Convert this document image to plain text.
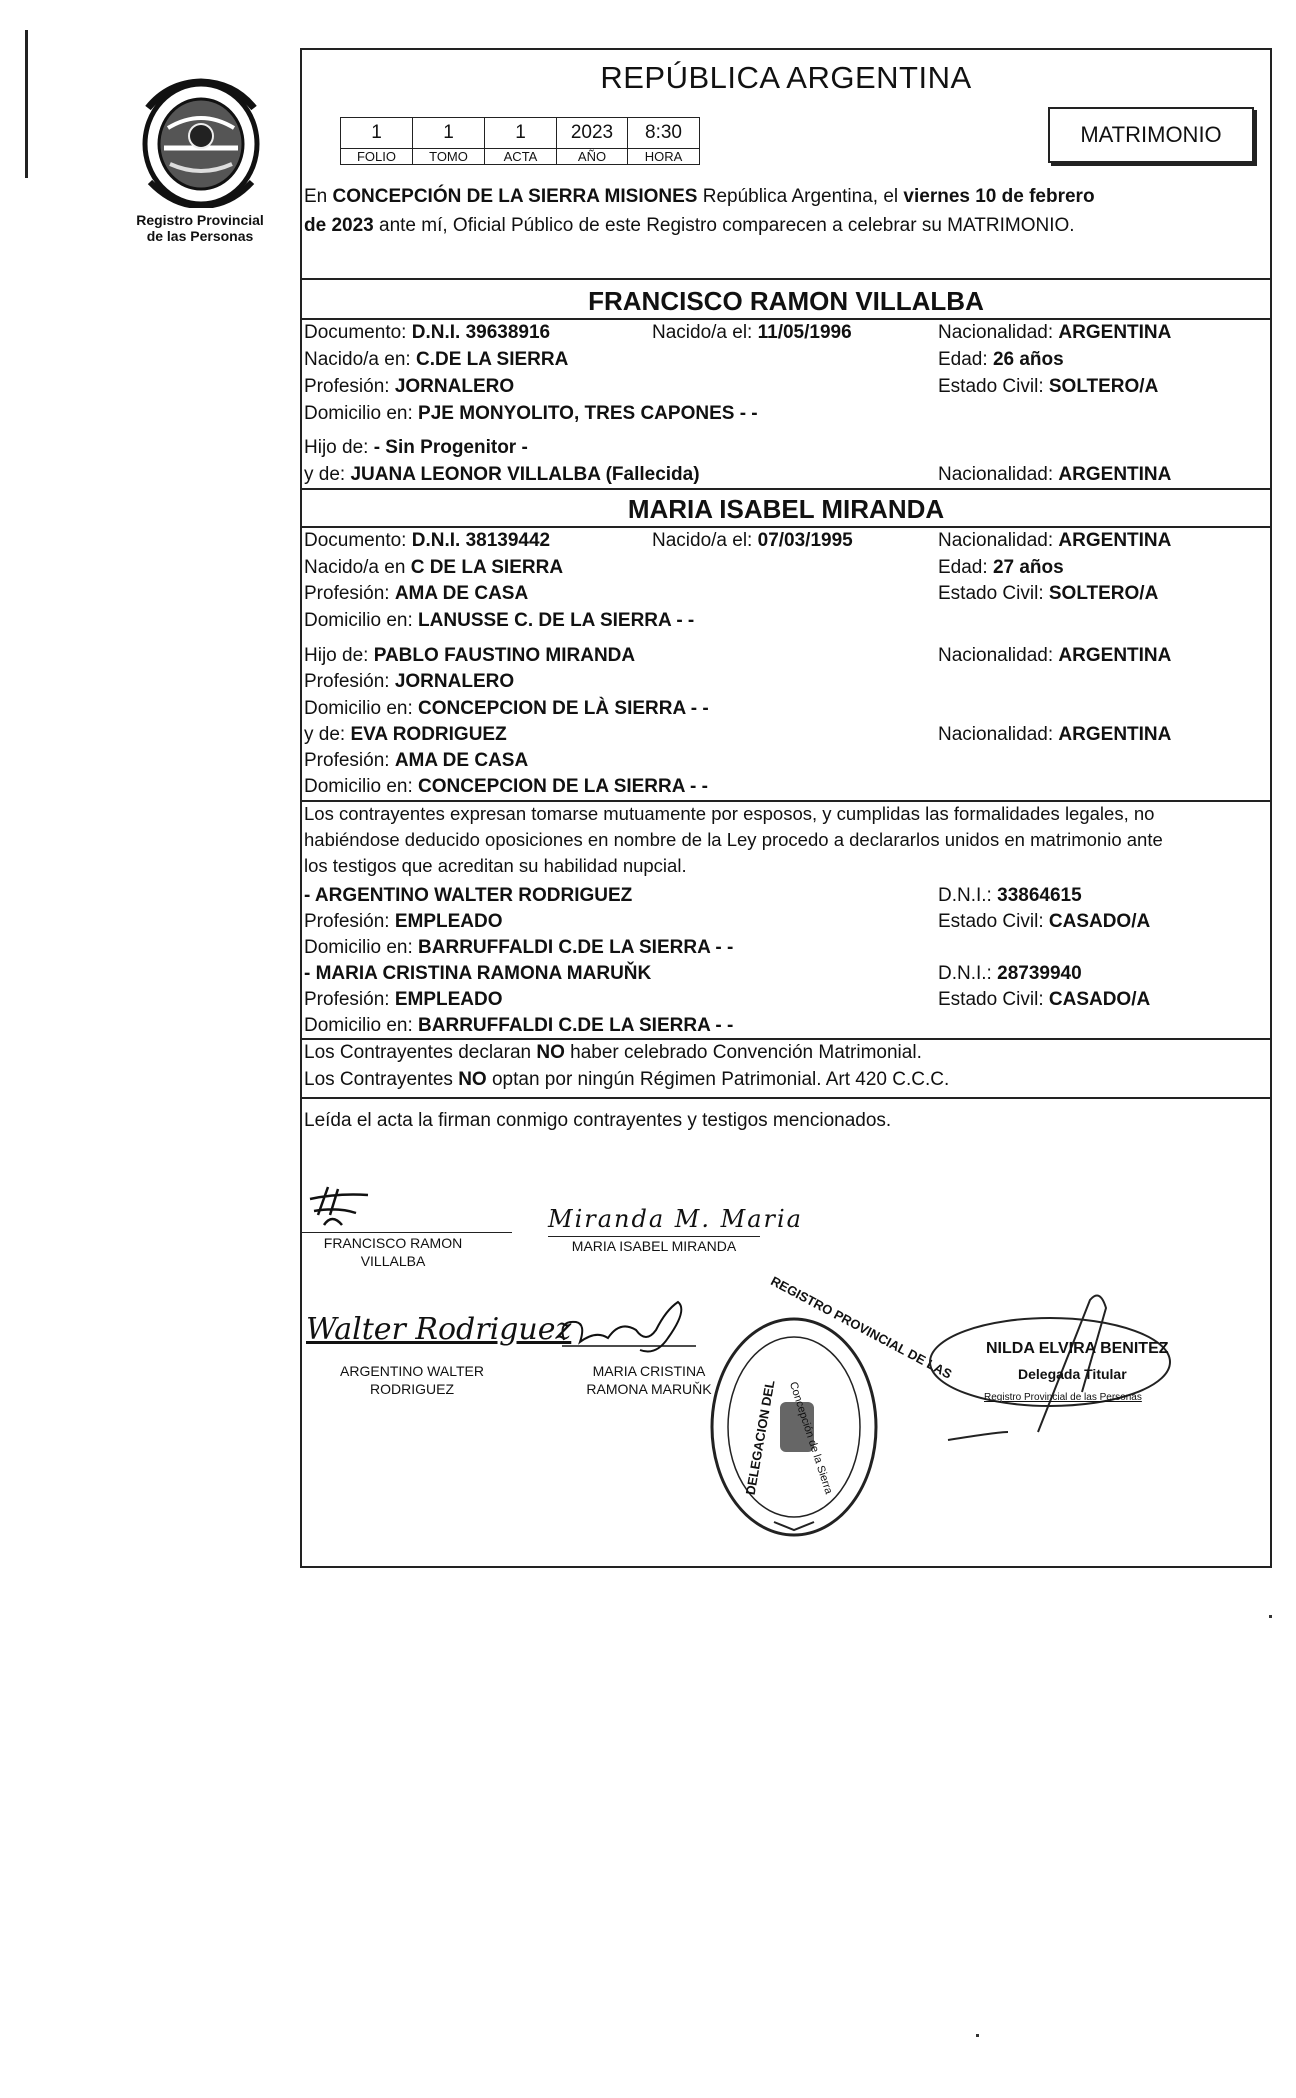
Registro Provincial
de las Personas
REPÚBLICA ARGENTINA
1	1	1	2023	8:30
FOLIO	TOMO	ACTA	AÑO	HORA
MATRIMONIO
En CONCEPCIÓN DE LA SIERRA MISIONES República Argentina, el viernes 10 de febrero
de 2023 ante mí, Oficial Público de este Registro comparecen a celebrar su MATRIMONIO.
FRANCISCO RAMON VILLALBA
Documento: D.N.I. 39638916	Nacido/a el: 11/05/1996	Nacionalidad: ARGENTINA
Nacido/a en: C.DE LA SIERRA	Edad: 26 años
Profesión: JORNALERO	Estado Civil: SOLTERO/A
Domicilio en: PJE MONYOLITO, TRES CAPONES - -
Hijo de: - Sin Progenitor -
y de: JUANA LEONOR VILLALBA (Fallecida)	Nacionalidad: ARGENTINA
MARIA ISABEL MIRANDA
Documento: D.N.I. 38139442	Nacido/a el: 07/03/1995	Nacionalidad: ARGENTINA
Nacido/a en C DE LA SIERRA	Edad: 27 años
Profesión: AMA DE CASA	Estado Civil: SOLTERO/A
Domicilio en: LANUSSE C. DE LA SIERRA - -
Hijo de: PABLO FAUSTINO MIRANDA	Nacionalidad: ARGENTINA
Profesión: JORNALERO
Domicilio en: CONCEPCION DE LÀ SIERRA - -
y de: EVA RODRIGUEZ	Nacionalidad: ARGENTINA
Profesión: AMA DE CASA
Domicilio en: CONCEPCION DE LA SIERRA - -
Los contrayentes expresan tomarse mutuamente por esposos, y cumplidas las formalidades legales, no
habiéndose deducido oposiciones en nombre de la Ley procedo a declararlos unidos en matrimonio ante
los testigos que acreditan su habilidad nupcial.
- ARGENTINO WALTER RODRIGUEZ	D.N.I.: 33864615
Profesión: EMPLEADO	Estado Civil: CASADO/A
Domicilio en: BARRUFFALDI C.DE LA SIERRA - -
- MARIA CRISTINA RAMONA MARUŇK	D.N.I.: 28739940
Profesión: EMPLEADO	Estado Civil: CASADO/A
Domicilio en: BARRUFFALDI C.DE LA SIERRA - -
Los Contrayentes declaran NO haber celebrado Convención Matrimonial.
Los Contrayentes NO optan por ningún Régimen Patrimonial. Art 420 C.C.C.
Leída el acta la firman conmigo contrayentes y testigos mencionados.
FRANCISCO RAMON
VILLALBA
Miranda M. Maria
MARIA ISABEL MIRANDA
Walter Rodriguez
ARGENTINO WALTER
RODRIGUEZ
MARIA CRISTINA
RAMONA MARUŇK
REGISTRO PROVINCIAL DE LAS
DELEGACION DEL Concepción de la Sierra
NILDA ELVIRA BENITEZ
Delegada Titular
Registro Provincial de las Personas
